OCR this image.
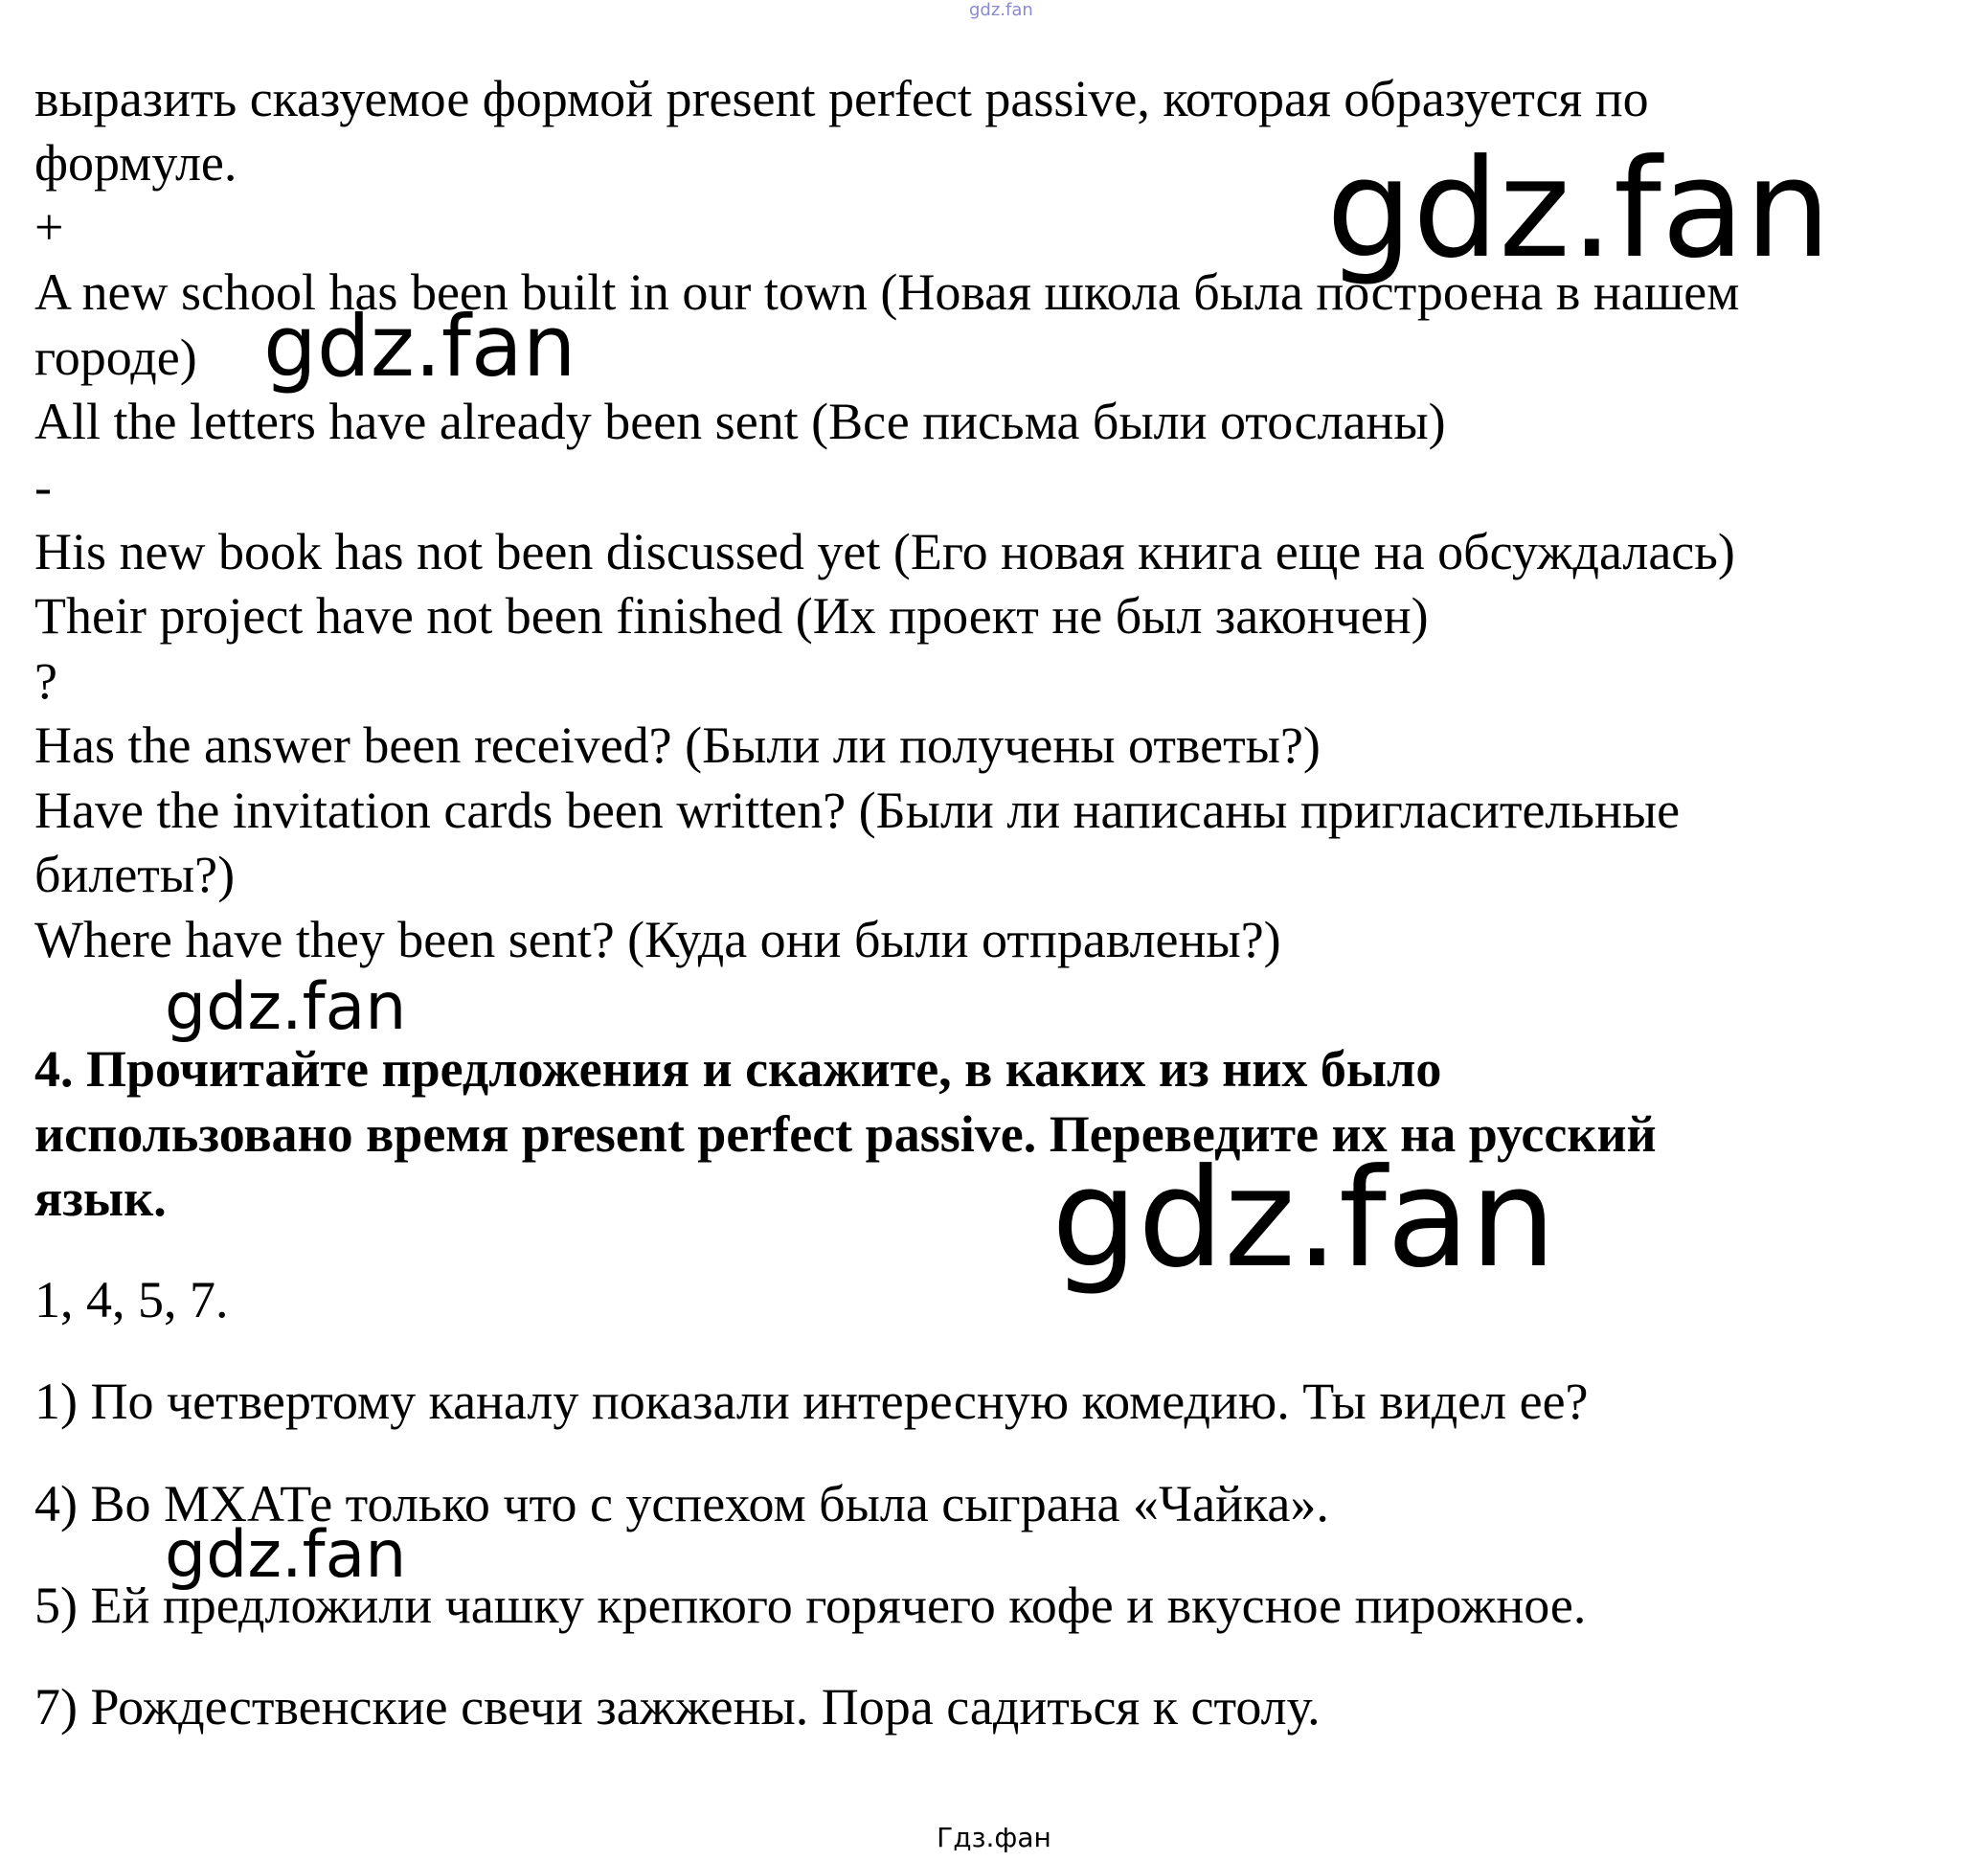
gdz.fan
выразить сказуемое формой present perfect passive, которая образуется по
формуле.
+
A new school has been built in our town (Новая школа была построена в нашем
городе)
All the letters have already been sent (Все письма были отосланы)
-
His new book has not been discussed yet (Его новая книга еще на обсуждалась)
Their project have not been finished (Их проект не был закончен)
?
Has the answer been received? (Были ли получены ответы?)
Have the invitation cards been written? (Были ли написаны пригласительные
билеты?)
Where have they been sent? (Куда они были отправлены?)
4. Прочитайте предложения и скажите, в каких из них было
использовано время present perfect passive. Переведите их на русский
язык.
1, 4, 5, 7.
1) По четвертому каналу показали интересную комедию. Ты видел ее?
4) Во МХАТе только что с успехом была сыграна «Чайка».
5) Ей предложили чашку крепкого горячего кофе и вкусное пирожное.
7) Рождественские свечи зажжены. Пора садиться к столу.
gdz.fan
gdz.fan
gdz.fan
gdz.fan
gdz.fan
Гдз.фан
